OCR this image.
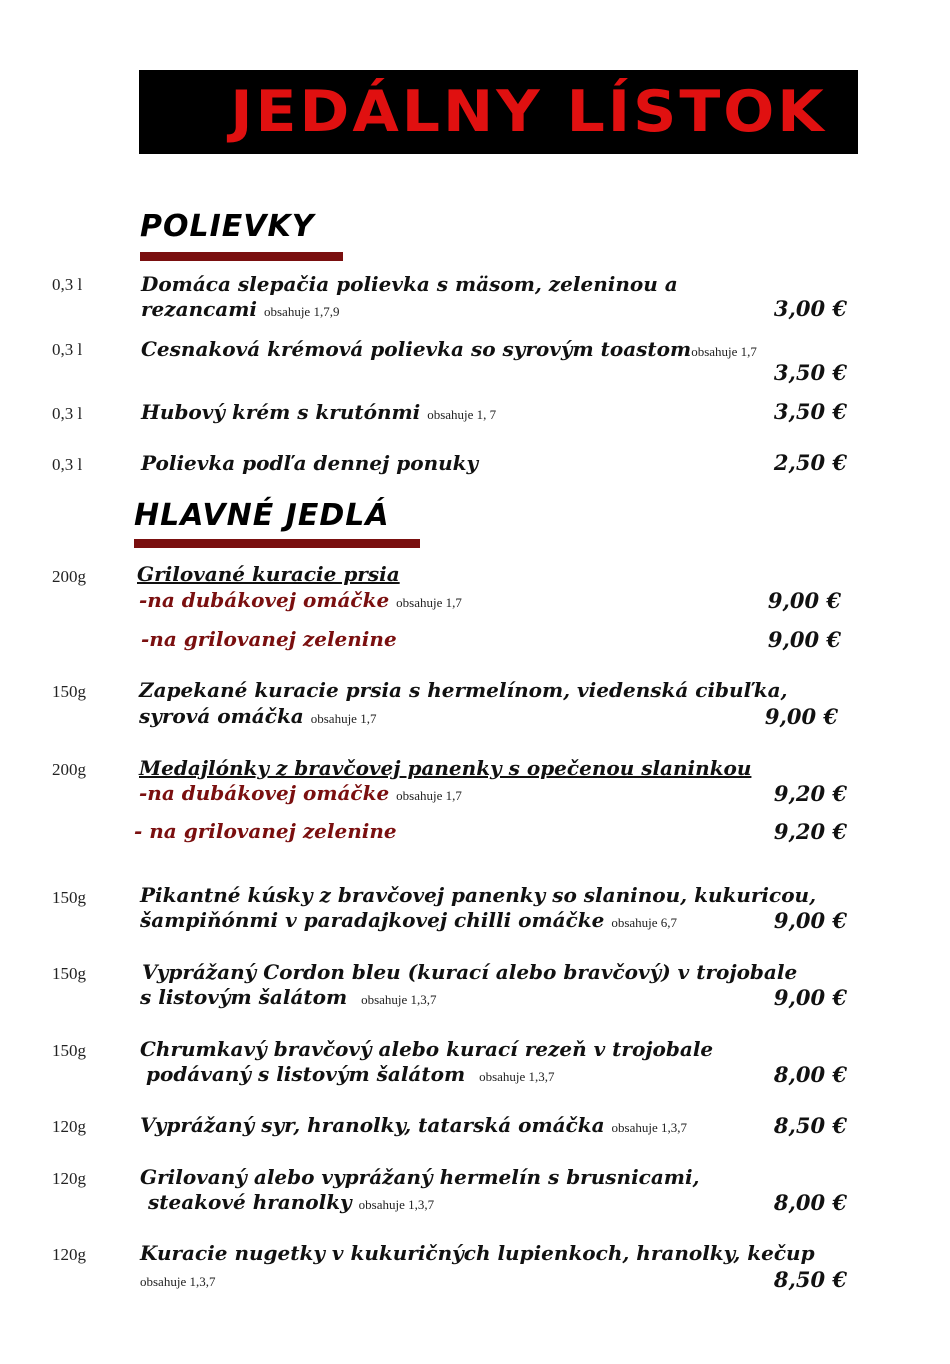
JEDÁLNY LÍSTOK
POLIEVKY
0,3 l	Domáca slepačia polievka s mäsom, zeleninou a
rezancami obsahuje 1,7,9	3,00 €
0,3 l	Cesnaková krémová polievka so syrovým toastomobsahuje 1,7
3,50 €
0,3 l	Hubový krém s krutónmi obsahuje 1, 7	3,50 €
0,3 l	Polievka podľa dennej ponuky	2,50 €
HLAVNÉ JEDLÁ
200g	Grilované kuracie prsia
-na dubákovej omáčke obsahuje 1,7	9,00 €
-na grilovanej zelenine	9,00 €
150g	Zapekané kuracie prsia s hermelínom, viedenská cibuľka,
syrová omáčka obsahuje 1,7	9,00 €
200g	Medajlónky z bravčovej panenky s opečenou slaninkou
-na dubákovej omáčke obsahuje 1,7	9,20 €
- na grilovanej zelenine	9,20 €
150g	Pikantné kúsky z bravčovej panenky so slaninou, kukuricou,
šampiňónmi v paradajkovej chilli omáčke obsahuje 6,7	9,00 €
150g	Vyprážaný Cordon bleu (kurací alebo bravčový) v trojobale
s listovým šalátom obsahuje 1,3,7	9,00 €
150g	Chrumkavý bravčový alebo kurací rezeň v trojobale
podávaný s listovým šalátom obsahuje 1,3,7	8,00 €
120g	Vyprážaný syr, hranolky, tatarská omáčka obsahuje 1,3,7	8,50 €
120g	Grilovaný alebo vyprážaný hermelín s brusnicami,
steakové hranolky obsahuje 1,3,7	8,00 €
120g	Kuracie nugetky v kukuričných lupienkoch, hranolky, kečup
obsahuje 1,3,7	8,50 €
